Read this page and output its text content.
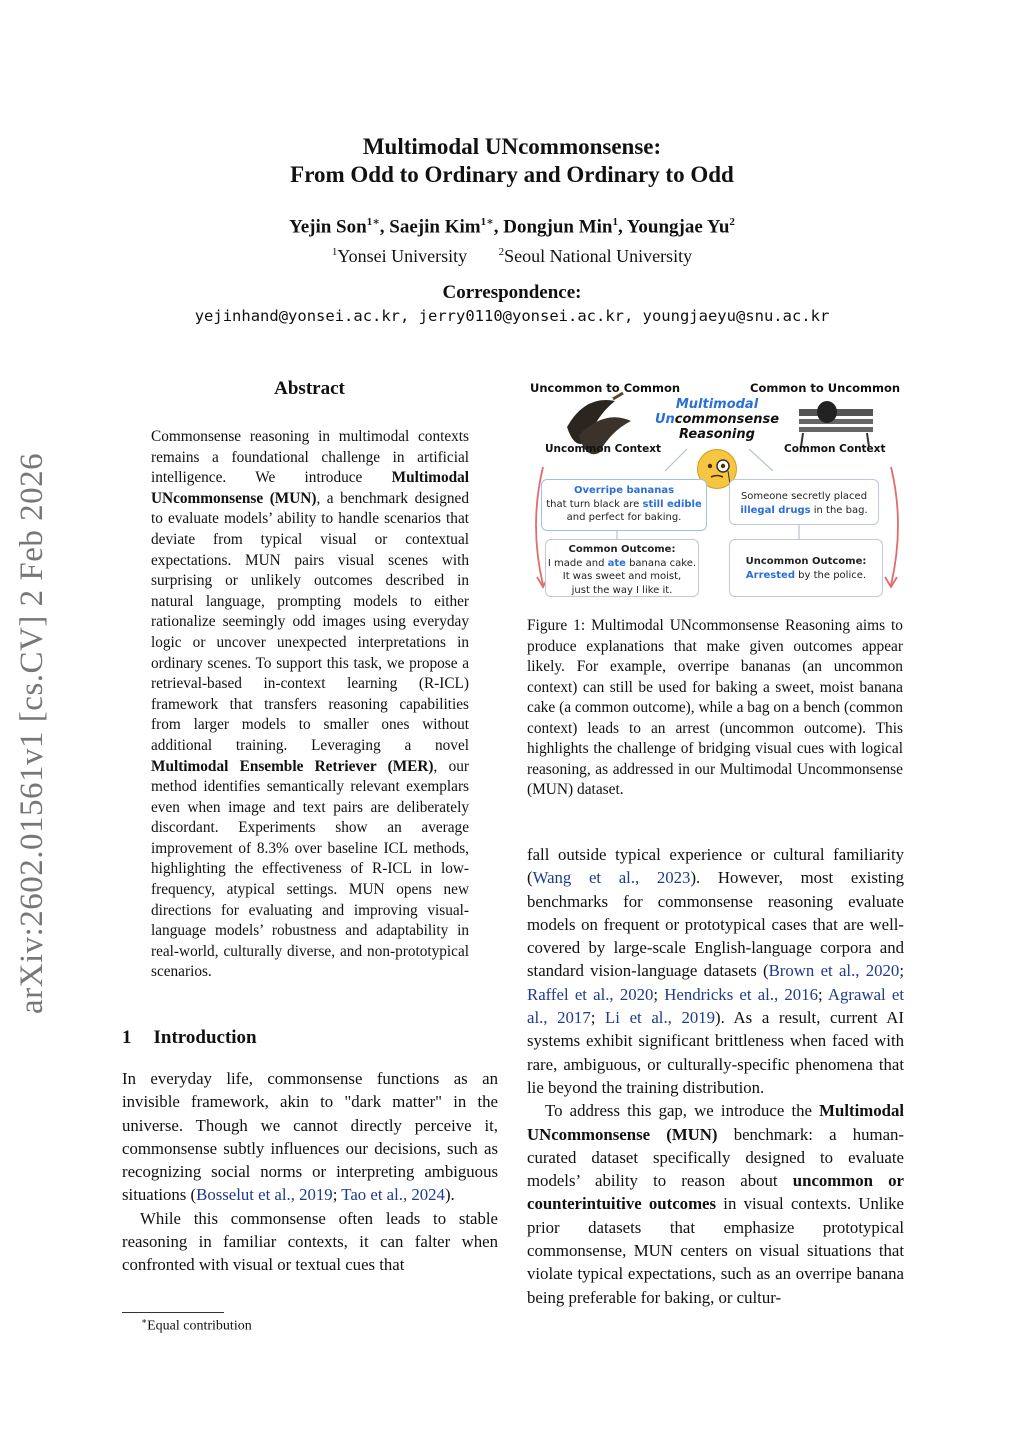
Multimodal UNcommonsense:
From Odd to Ordinary and Ordinary to Odd
Yejin Son$^{1∗}$, Saejin Kim$^{1∗}$, Dongjun Min$^1$, Youngjae Yu$^2$
$^1$Yonsei University	$^2$Seoul National University
Correspondence:
yejinhand@yonsei.ac.kr, jerry0110@yonsei.ac.kr, youngjaeyu@snu.ac.kr
arXiv:2602.01561v1 [cs.CV] 2 Feb 2026
Abstract
Commonsense reasoning in multimodal contexts remains a foundational challenge in artificial intelligence. We introduce Multimodal UNcommonsense (MUN), a benchmark designed to evaluate models’ ability to handle scenarios that deviate from typical visual or contextual expectations. MUN pairs visual scenes with surprising or unlikely outcomes described in natural language, prompting models to either rationalize seemingly odd images using everyday logic or uncover unexpected interpretations in ordinary scenes. To support this task, we propose a retrieval-based in-context learning (R-ICL) framework that transfers reasoning capabilities from larger models to smaller ones without additional training. Leveraging a novel Multimodal Ensemble Retriever (MER), our method identifies semantically relevant exemplars even when image and text pairs are deliberately discordant. Experiments show an average improvement of 8.3% over baseline ICL methods, highlighting the effectiveness of R-ICL in low-frequency, atypical settings. MUN opens new directions for evaluating and improving visual-language models’ robustness and adaptability in real-world, culturally diverse, and non-prototypical scenarios.
1 Introduction

In everyday life, commonsense functions as an invisible framework, akin to "dark matter" in the universe. Though we cannot directly perceive it, commonsense subtly influences our decisions, such as recognizing social norms or interpreting ambiguous situations (Bosselut et al., 2019; Tao et al., 2024).

While this commonsense often leads to stable reasoning in familiar contexts, it can falter when confronted with visual or textual cues that

∗Equal contribution
Uncommon to Common	Common to Uncommon
Multimodal
Uncommonsense
Reasoning
Uncommon Context	Common Context
Overripe bananas
that turn black are still edible
and perfect for baking.
Someone secretly placed
illegal drugs in the bag.
Common Outcome:
I made and ate banana cake.
It was sweet and moist,
just the way I like it.
Uncommon Outcome:
Arrested by the police.
Figure 1: Multimodal UNcommonsense Reasoning aims to produce explanations that make given outcomes appear likely. For example, overripe bananas (an uncommon context) can still be used for baking a sweet, moist banana cake (a common outcome), while a bag on a bench (common context) leads to an arrest (uncommon outcome). This highlights the challenge of bridging visual cues with logical reasoning, as addressed in our Multimodal Uncommonsense (MUN) dataset.

fall outside typical experience or cultural familiarity (Wang et al., 2023). However, most existing benchmarks for commonsense reasoning evaluate models on frequent or prototypical cases that are well-covered by large-scale English-language corpora and standard vision-language datasets (Brown et al., 2020; Raffel et al., 2020; Hendricks et al., 2016; Agrawal et al., 2017; Li et al., 2019). As a result, current AI systems exhibit significant brittleness when faced with rare, ambiguous, or culturally-specific phenomena that lie beyond the training distribution.

To address this gap, we introduce the Multimodal UNcommonsense (MUN) benchmark: a human-curated dataset specifically designed to evaluate models’ ability to reason about uncommon or counterintuitive outcomes in visual contexts. Unlike prior datasets that emphasize prototypical commonsense, MUN centers on visual situations that violate typical expectations, such as an overripe banana being preferable for baking, or cultur-
